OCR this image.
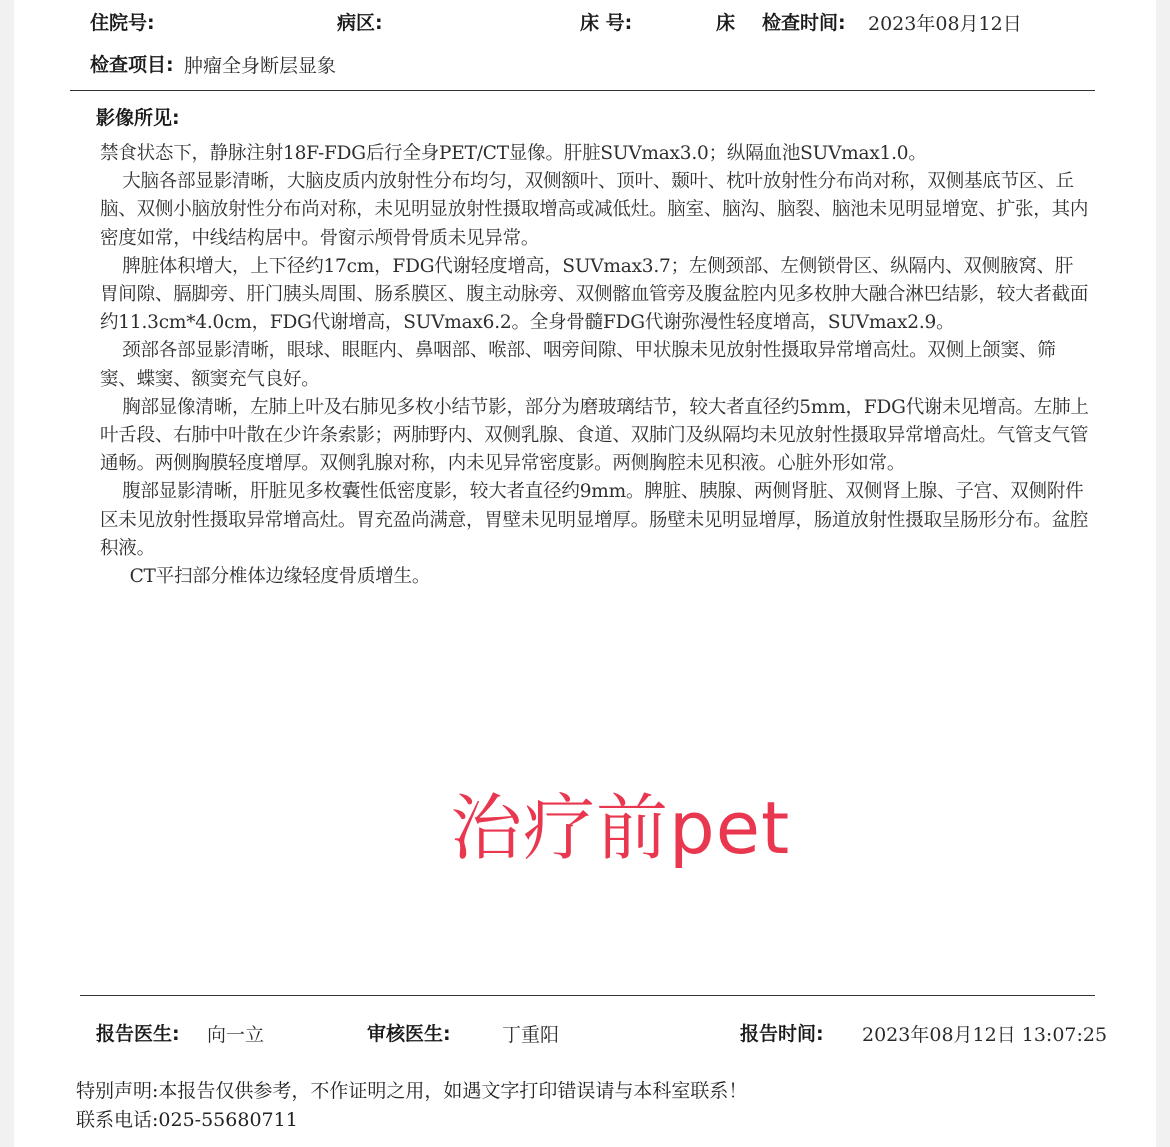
住院号:	病区:	床 号:	床 检查时间: 2023年08月12日
检查项目: 肿瘤全身断层显象
影像所见:

禁食状态下，静脉注射18F-FDG后行全身PET/CT显像。肝脏SUVmax3.0；纵隔血池SUVmax1.0。

大脑各部显影清晰，大脑皮质内放射性分布均匀，双侧额叶、顶叶、颞叶、枕叶放射性分布尚对称，双侧基底节区、丘脑、双侧小脑放射性分布尚对称，未见明显放射性摄取增高或减低灶。脑室、脑沟、脑裂、脑池未见明显增宽、扩张，其内密度如常，中线结构居中。骨窗示颅骨骨质未见异常。

脾脏体积增大，上下径约17cm，FDG代谢轻度增高，SUVmax3.7；左侧颈部、左侧锁骨区、纵隔内、双侧腋窝、肝胃间隙、膈脚旁、肝门胰头周围、肠系膜区、腹主动脉旁、双侧髂血管旁及腹盆腔内见多枚肿大融合淋巴结影，较大者截面约11.3cm*4.0cm，FDG代谢增高，SUVmax6.2。全身骨髓FDG代谢弥漫性轻度增高，SUVmax2.9。

颈部各部显影清晰，眼球、眼眶内、鼻咽部、喉部、咽旁间隙、甲状腺未见放射性摄取异常增高灶。双侧上颌窦、筛窦、蝶窦、额窦充气良好。

胸部显像清晰，左肺上叶及右肺见多枚小结节影，部分为磨玻璃结节，较大者直径约5mm，FDG代谢未见增高。左肺上叶舌段、右肺中叶散在少许条索影；两肺野内、双侧乳腺、食道、双肺门及纵隔均未见放射性摄取异常增高灶。气管支气管通畅。两侧胸膜轻度增厚。双侧乳腺对称，内未见异常密度影。两侧胸腔未见积液。心脏外形如常。

腹部显影清晰，肝脏见多枚囊性低密度影，较大者直径约9mm。脾脏、胰腺、两侧肾脏、双侧肾上腺、子宫、双侧附件区未见放射性摄取异常增高灶。胃充盈尚满意，胃壁未见明显增厚。肠壁未见明显增厚，肠道放射性摄取呈肠形分布。盆腔积液。

CT平扫部分椎体边缘轻度骨质增生。

治疗前pet
报告医生: 向一立	审核医生:	丁重阳	报告时间: 2023年08月12日 13:07:25
特别声明:本报告仅供参考，不作证明之用，如遇文字打印错误请与本科室联系！
联系电话:025-55680711
